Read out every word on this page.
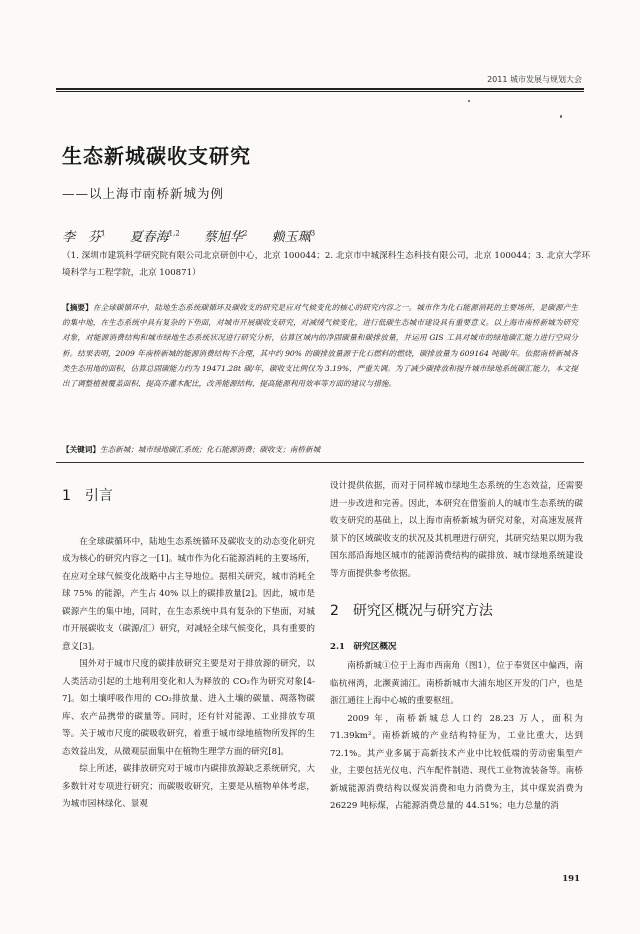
2011 城市发展与规划大会
生态新城碳收支研究
——以上海市南桥新城为例
李　芬$^1$ 夏春海$^{1,2}$ 蔡旭华$^2$ 赖玉珮$^3$
（1. 深圳市建筑科学研究院有限公司北京研创中心，北京 100044；2. 北京市中城深科生态科技有限公司，北京 100044；3. 北京大学环境科学与工程学院，北京 100871）
【摘要】在全球碳循环中，陆地生态系统碳循环及碳收支的研究是应对气候变化的核心的研究内容之一。城市作为化石能源消耗的主要场所，是碳源产生的集中地，在生态系统中具有复杂的下垫面，对城市开展碳收支研究，对减缓气候变化，进行低碳生态城市建设具有重要意义。以上海市南桥新城为研究对象，对能源消费结构和城市绿地生态系统状况进行研究分析，估算区域内的净固碳量和碳排放量，并运用 GIS 工具对城市的绿地碳汇能力进行空间分析。结果表明，2009 年南桥新城的能源消费结构不合理，其中约 90% 的碳排放量源于化石燃料的燃烧，碳排放量为 609164 吨碳/年。依据南桥新城各类生态用地的面积，估算总固碳能力约为 19471.28t 碳/年，碳收支比例仅为 3.19%，严重失调。为了减少碳排放和提升城市绿地系统碳汇能力，本文提出了调整植被覆盖面积、提高乔灌木配比，改善能源结构、提高能源利用效率等方面的建议与措施。
【关键词】生态新城；城市绿地碳汇系统；化石能源消费；碳收支；南桥新城
1　引言

在全球碳循环中，陆地生态系统循环及碳收支的动态变化研究成为核心的研究内容之一[1]。城市作为化石能源消耗的主要场所，在应对全球气候变化战略中占主导地位。据相关研究，城市消耗全球 75% 的能源，产生占 40% 以上的碳排放量[2]。因此，城市是碳源产生的集中地，同时，在生态系统中具有复杂的下垫面，对城市开展碳收支（碳源/汇）研究，对减轻全球气候变化，具有重要的意义[3]。

国外对于城市尺度的碳排放研究主要是对于排放源的研究，以人类活动引起的土地利用变化和人为释放的 CO₂作为研究对象[4-7]。如土壤呼吸作用的 CO₂排放量、进入土壤的碳量、凋落物碳库、农产品携带的碳量等。同时，还有针对能源、工业排放专项等。关于城市尺度的碳吸收研究，着重于城市绿地植物所发挥的生态效益出发，从微观层面集中在植物生理学方面的研究[8]。

综上所述，碳排放研究对于城市内碳排放源缺乏系统研究，大多数针对专项进行研究；而碳吸收研究，主要是从植物单体考虑，为城市园林绿化、景观

设计提供依据，而对于同样城市绿地生态系统的生态效益，还需要进一步改进和完善。因此，本研究在借鉴前人的城市生态系统的碳收支研究的基础上，以上海市南桥新城为研究对象，对高速发展背景下的区域碳收支的状况及其机理进行研究，其研究结果以期为我国东部沿海地区城市的能源消费结构的碳排放、城市绿地系统建设等方面提供参考依据。

2　研究区概况与研究方法
2.1　研究区概况

南桥新城①位于上海市西南角（图1），位于奉贤区中偏西，南临杭州湾，北濒黄浦江。南桥新城市大浦东地区开发的门户，也是浙江通往上海中心城的重要枢纽。

2009 年，南桥新城总人口约 28.23 万人，面积为 71.39km²。南桥新城的产业结构特征为，工业比重大，达到 72.1%。其产业多属于高新技术产业中比较低端的劳动密集型产业，主要包括光仪电、汽车配件制造、现代工业物流装备等。南桥新城能源消费结构以煤炭消费和电力消费为主，其中煤炭消费为 26229 吨标煤，占能源消费总量的 44.51%；电力总量的消

191
